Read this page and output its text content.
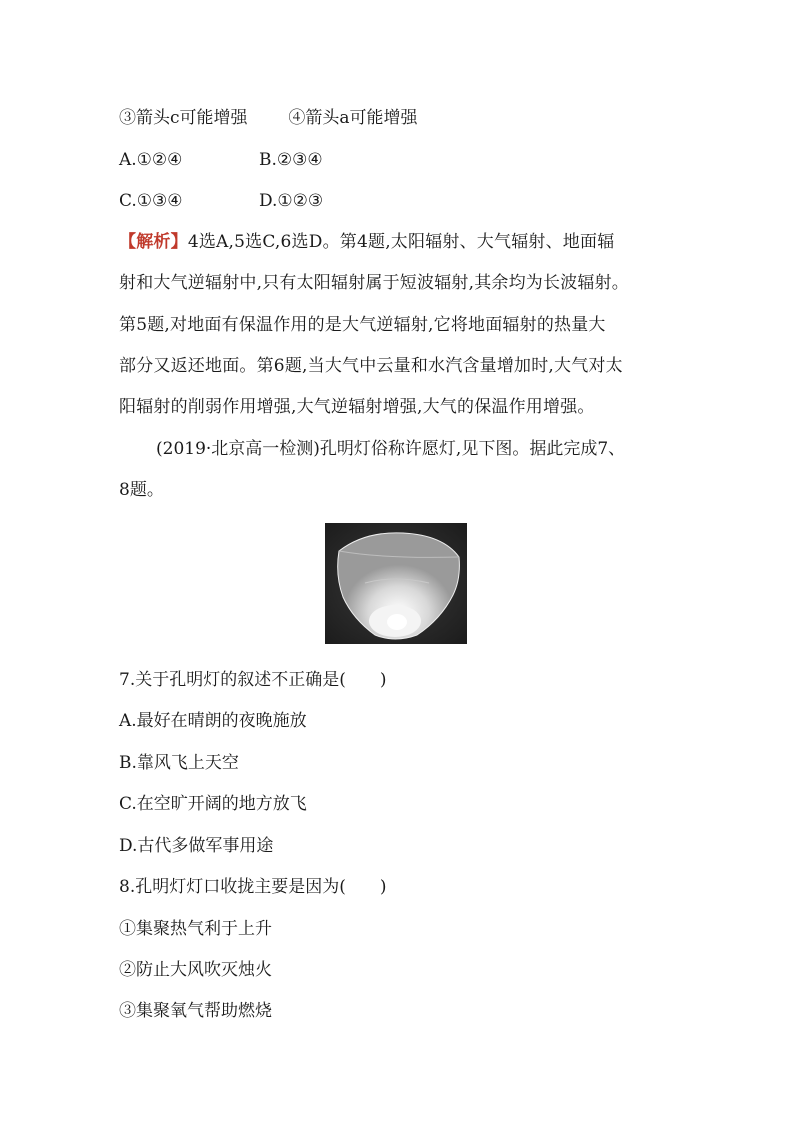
③箭头c可能增强 ④箭头a可能增强
A.①②④	B.②③④
C.①③④	D.①②③
【解析】4选A,5选C,6选D。第4题,太阳辐射、大气辐射、地面辐
射和大气逆辐射中,只有太阳辐射属于短波辐射,其余均为长波辐射。
第5题,对地面有保温作用的是大气逆辐射,它将地面辐射的热量大
部分又返还地面。第6题,当大气中云量和水汽含量增加时,大气对太
阳辐射的削弱作用增强,大气逆辐射增强,大气的保温作用增强。
(2019·北京高一检测)孔明灯俗称许愿灯,见下图。据此完成7、
8题。
7.关于孔明灯的叙述不正确是(　　)
A.最好在晴朗的夜晚施放
B.靠风飞上天空
C.在空旷开阔的地方放飞
D.古代多做军事用途
8.孔明灯灯口收拢主要是因为(　　)
①集聚热气利于上升
②防止大风吹灭烛火
③集聚氧气帮助燃烧
